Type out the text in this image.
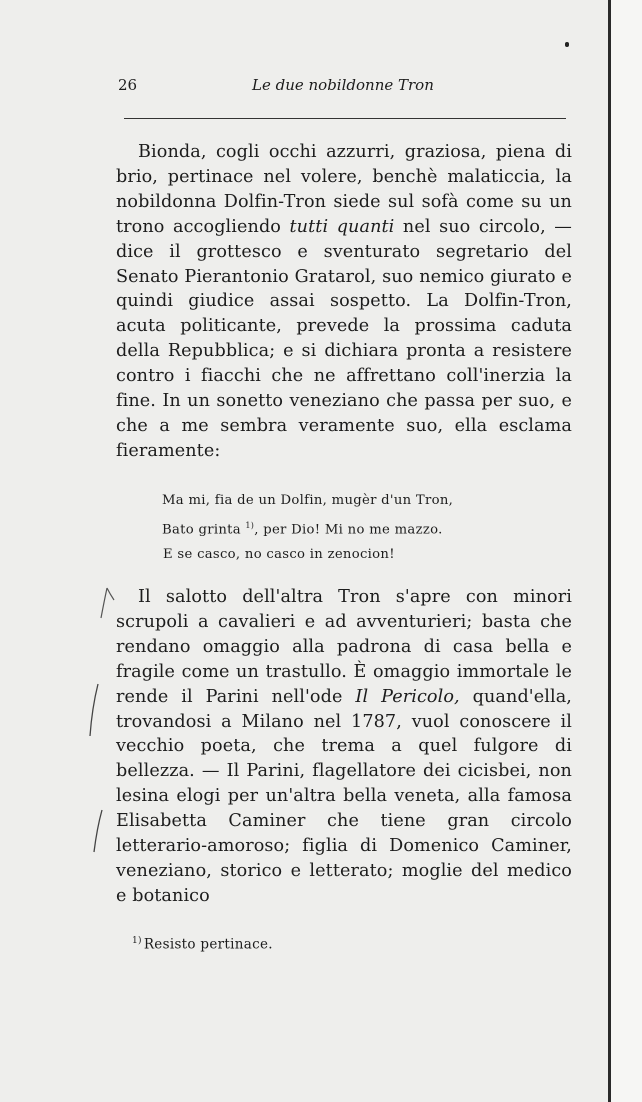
26	Le due nobildonne Tron

Bionda, cogli occhi azzurri, graziosa, piena di brio, pertinace nel volere, benchè malaticcia, la nobildonna Dolfin-Tron siede sul sofà come su un trono accogliendo tutti quanti nel suo circolo, — dice il grottesco e sventurato segretario del Senato Pierantonio Gratarol, suo nemico giurato e quindi giudice assai sospetto. La Dolfin-Tron, acuta politicante, prevede la prossima caduta della Repubblica; e si dichiara pronta a resistere contro i fiacchi che ne affrettano coll'inerzia la fine. In un sonetto veneziano che passa per suo, e che a me sembra veramente suo, ella esclama fieramente:

Ma mi, fia de un Dolfin, mugèr d'un Tron,
Bato grinta $^{1)}$, per Dio! Mi no me mazzo.
E se casco, no casco in zenocion!

Il salotto dell'altra Tron s'apre con minori scrupoli a cavalieri e ad avventurieri; basta che rendano omaggio alla padrona di casa bella e fragile come un trastullo. È omaggio immortale le rende il Parini nell'ode Il Pericolo, quand'ella, trovandosi a Milano nel 1787, vuol conoscere il vecchio poeta, che trema a quel fulgore di bellezza. — Il Parini, flagellatore dei cicisbei, non lesina elogi per un'altra bella veneta, alla famosa Elisabetta Caminer che tiene gran circolo letterario-amoroso; figlia di Domenico Caminer, veneziano, storico e letterato; moglie del medico e botanico

$^{1)}$ Resisto pertinace.
